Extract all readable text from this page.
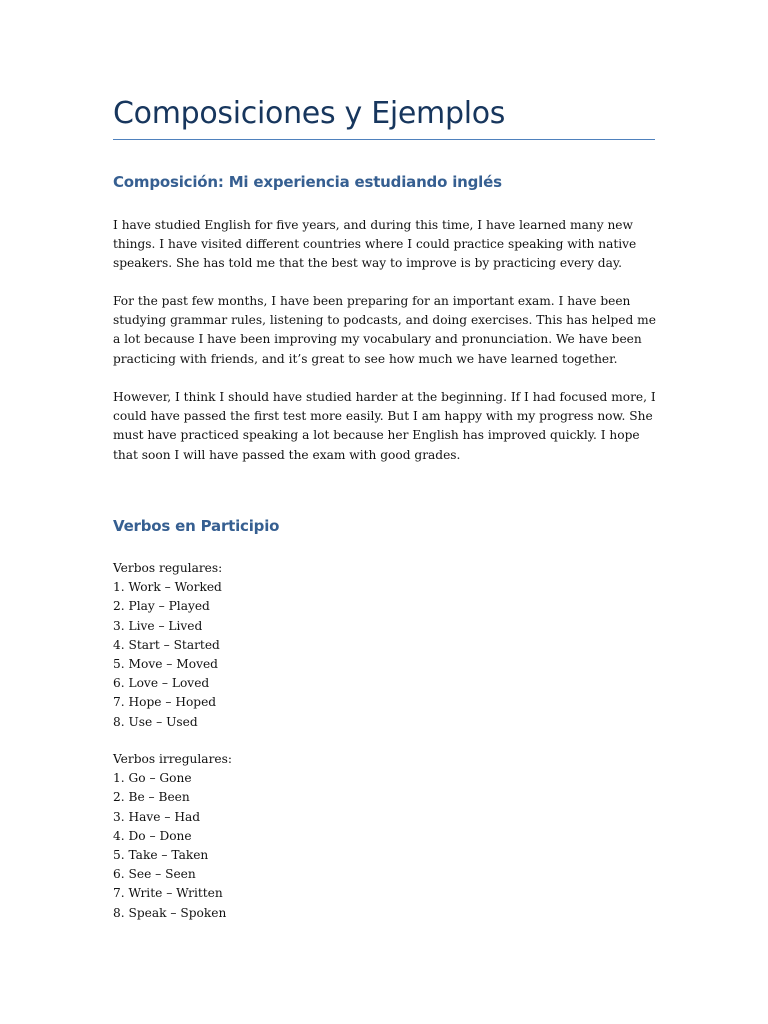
Composiciones y Ejemplos
Composición: Mi experiencia estudiando inglés

I have studied English for five years, and during this time, I have learned many new things. I have visited different countries where I could practice speaking with native speakers. She has told me that the best way to improve is by practicing every day.

For the past few months, I have been preparing for an important exam. I have been studying grammar rules, listening to podcasts, and doing exercises. This has helped me a lot because I have been improving my vocabulary and pronunciation. We have been practicing with friends, and it’s great to see how much we have learned together.

However, I think I should have studied harder at the beginning. If I had focused more, I could have passed the first test more easily. But I am happy with my progress now. She must have practiced speaking a lot because her English has improved quickly. I hope that soon I will have passed the exam with good grades.

Verbos en Participio
Verbos regulares:
1. Work – Worked
2. Play – Played
3. Live – Lived
4. Start – Started
5. Move – Moved
6. Love – Loved
7. Hope – Hoped
8. Use – Used
Verbos irregulares:
1. Go – Gone
2. Be – Been
3. Have – Had
4. Do – Done
5. Take – Taken
6. See – Seen
7. Write – Written
8. Speak – Spoken
